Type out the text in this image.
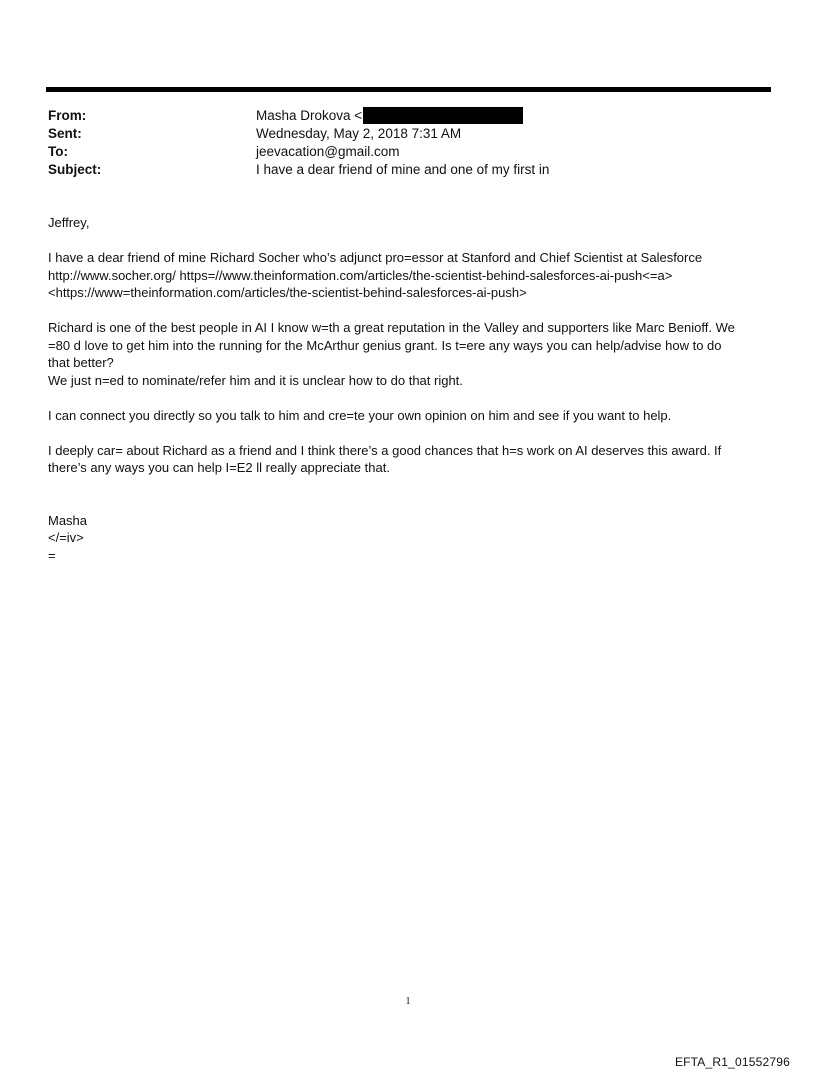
From:	Masha Drokova <
Sent:	Wednesday, May 2, 2018 7:31 AM
To:	jeevacation@gmail.com
Subject:	I have a dear friend of mine and one of my first in

Jeffrey,

I have a dear friend of mine Richard Socher who’s adjunct pro=essor at Stanford and Chief Scientist at Salesforce
http://www.socher.org/ https=//www.theinformation.com/articles/the-scientist-behind-salesforces-ai-push<=a>
<https://www=theinformation.com/articles/the-scientist-behind-salesforces-ai-push>

Richard is one of the best people in AI I know w=th a great reputation in the Valley and supporters like Marc Benioff. We
=80 d love to get him into the running for the McArthur genius grant. Is t=ere any ways you can help/advise how to do
that better?
We just n=ed to nominate/refer him and it is unclear how to do that right.

I can connect you directly so you talk to him and cre=te your own opinion on him and see if you want to help.

I deeply car= about Richard as a friend and I think there’s a good chances that h=s work on AI deserves this award. If
there’s any ways you can help I=E2 ll really appreciate that.

Masha
</=iv>
=
1
EFTA_R1_01552796
